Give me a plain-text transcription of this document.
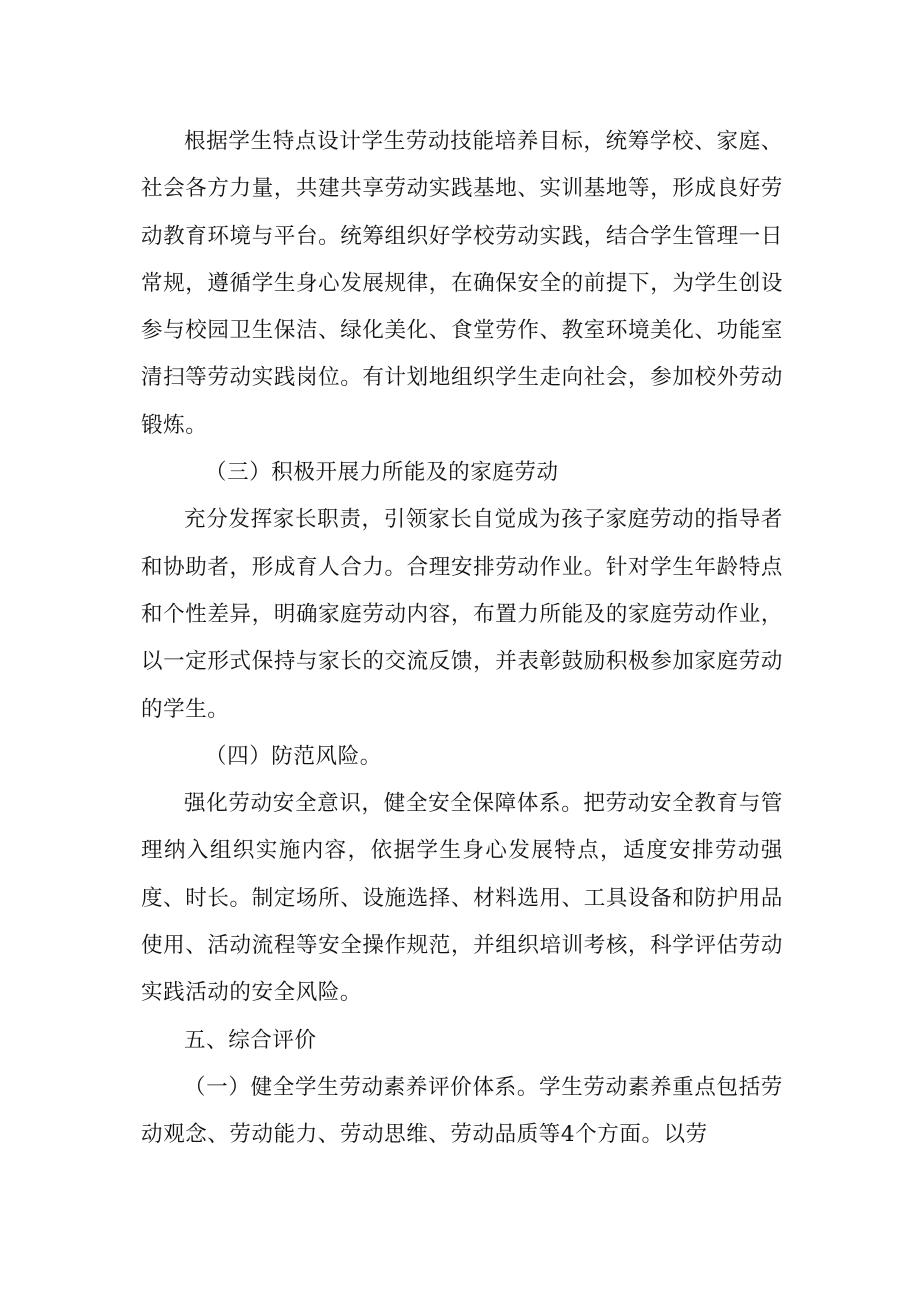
根据学生特点设计学生劳动技能培养目标，统筹学校、家庭、社会各方力量，共建共享劳动实践基地、实训基地等，形成良好劳动教育环境与平台。统筹组织好学校劳动实践，结合学生管理一日常规，遵循学生身心发展规律，在确保安全的前提下，为学生创设参与校园卫生保洁、绿化美化、食堂劳作、教室环境美化、功能室清扫等劳动实践岗位。有计划地组织学生走向社会，参加校外劳动锻炼。

（三）积极开展力所能及的家庭劳动

充分发挥家长职责，引领家长自觉成为孩子家庭劳动的指导者和协助者，形成育人合力。合理安排劳动作业。针对学生年龄特点和个性差异，明确家庭劳动内容，布置力所能及的家庭劳动作业，以一定形式保持与家长的交流反馈，并表彰鼓励积极参加家庭劳动的学生。

（四）防范风险。

强化劳动安全意识，健全安全保障体系。把劳动安全教育与管理纳入组织实施内容，依据学生身心发展特点，适度安排劳动强度、时长。制定场所、设施选择、材料选用、工具设备和防护用品使用、活动流程等安全操作规范，并组织培训考核，科学评估劳动实践活动的安全风险。

五、综合评价

（一）健全学生劳动素养评价体系。学生劳动素养重点包括劳动观念、劳动能力、劳动思维、劳动品质等4个方面。以劳
